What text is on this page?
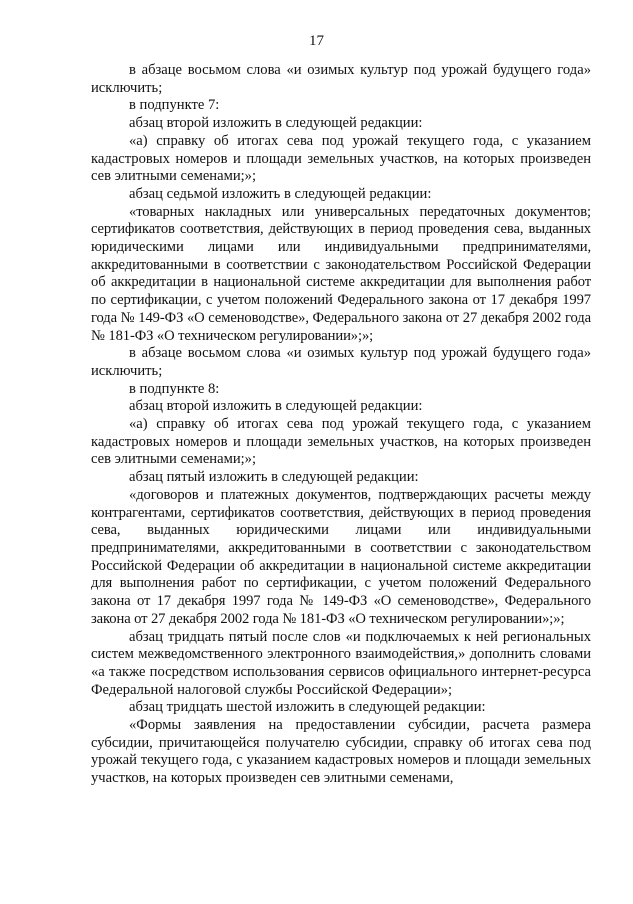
17

в абзаце восьмом слова «и озимых культур под урожай будущего года» исключить;

в подпункте 7:

абзац второй изложить в следующей редакции:

«а) справку об итогах сева под урожай текущего года, с указанием кадастровых номеров и площади земельных участков, на которых произведен сев элитными семенами;»;

абзац седьмой изложить в следующей редакции:

«товарных накладных или универсальных передаточных документов; сертификатов соответствия, действующих в период проведения сева, выданных юридическими лицами или индивидуальными предпринимателями, аккредитованными в соответствии с законодательством Российской Федерации об аккредитации в национальной системе аккредитации для выполнения работ по сертификации, с учетом положений Федерального закона от 17 декабря 1997 года № 149-ФЗ «О семеноводстве», Федерального закона от 27 декабря 2002 года № 181-ФЗ «О техническом регулировании»;»;

в абзаце восьмом слова «и озимых культур под урожай будущего года» исключить;

в подпункте 8:

абзац второй изложить в следующей редакции:

«а) справку об итогах сева под урожай текущего года, с указанием кадастровых номеров и площади земельных участков, на которых произведен сев элитными семенами;»;

абзац пятый изложить в следующей редакции:

«договоров и платежных документов, подтверждающих расчеты между контрагентами, сертификатов соответствия, действующих в период проведения сева, выданных юридическими лицами или индивидуальными предпринимателями, аккредитованными в соответствии с законодательством Российской Федерации об аккредитации в национальной системе аккредитации для выполнения работ по сертификации, с учетом положений Федерального закона от 17 декабря 1997 года № 149-ФЗ «О семеноводстве», Федерального закона от 27 декабря 2002 года № 181-ФЗ «О техническом регулировании»;»;

абзац тридцать пятый после слов «и подключаемых к ней региональных систем межведомственного электронного взаимодействия,» дополнить словами «а также посредством использования сервисов официального интернет-ресурса Федеральной налоговой службы Российской Федерации»;

абзац тридцать шестой изложить в следующей редакции:

«Формы заявления на предоставлении субсидии, расчета размера субсидии, причитающейся получателю субсидии, справку об итогах сева под урожай текущего года, с указанием кадастровых номеров и площади земельных участков, на которых произведен сев элитными семенами,
